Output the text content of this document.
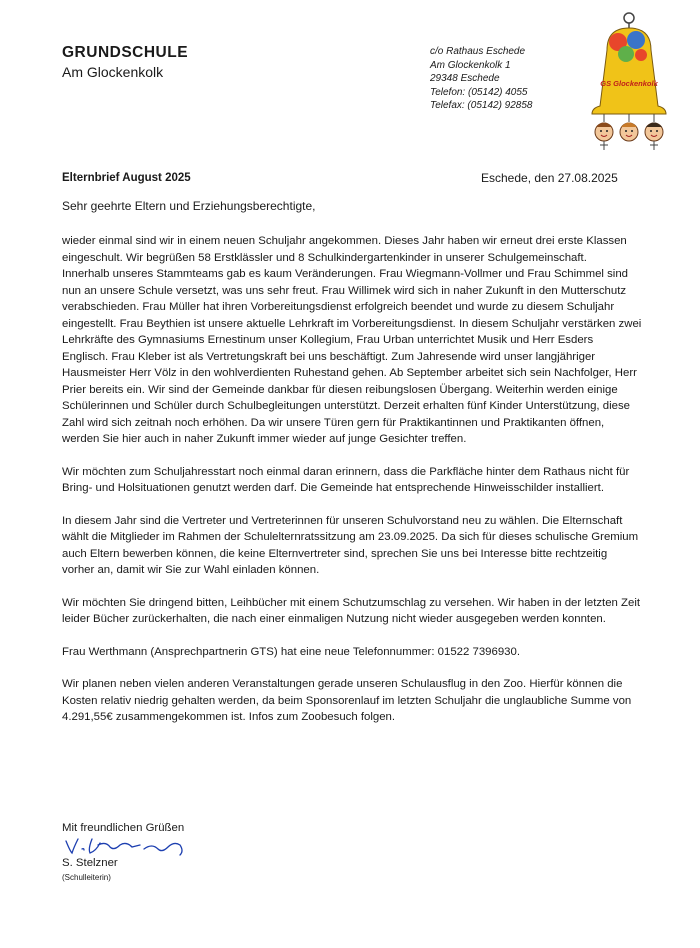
GRUNDSCHULE
Am Glockenkolk
c/o Rathaus Eschede
Am Glockenkolk 1
29348 Eschede
Telefon: (05142) 4055
Telefax: (05142) 92858
GS Glockenkolk
Elternbrief August 2025	Eschede, den 27.08.2025
Sehr geehrte Eltern und Erziehungsberechtigte,

wieder einmal sind wir in einem neuen Schuljahr angekommen. Dieses Jahr haben wir erneut drei erste Klassen eingeschult. Wir begrüßen 58 Erstklässler und 8 Schulkindergartenkinder in unserer Schulgemeinschaft.

Innerhalb unseres Stammteams gab es kaum Veränderungen. Frau Wiegmann-Vollmer und Frau Schimmel sind nun an unsere Schule versetzt, was uns sehr freut. Frau Willimek wird sich in naher Zukunft in den Mutterschutz verabschieden. Frau Müller hat ihren Vorbereitungsdienst erfolgreich beendet und wurde zu diesem Schuljahr eingestellt. Frau Beythien ist unsere aktuelle Lehrkraft im Vorbereitungsdienst. In diesem Schuljahr verstärken zwei Lehrkräfte des Gymnasiums Ernestinum unser Kollegium, Frau Urban unterrichtet Musik und Herr Esders Englisch. Frau Kleber ist als Vertretungskraft bei uns beschäftigt. Zum Jahresende wird unser langjähriger Hausmeister Herr Völz in den wohlverdienten Ruhestand gehen. Ab September arbeitet sich sein Nachfolger, Herr Prier bereits ein. Wir sind der Gemeinde dankbar für diesen reibungslosen Übergang. Weiterhin werden einige Schülerinnen und Schüler durch Schulbegleitungen unterstützt. Derzeit erhalten fünf Kinder Unterstützung, diese Zahl wird sich zeitnah noch erhöhen. Da wir unsere Türen gern für Praktikantinnen und Praktikanten öffnen, werden Sie hier auch in naher Zukunft immer wieder auf junge Gesichter treffen.

Wir möchten zum Schuljahresstart noch einmal daran erinnern, dass die Parkfläche hinter dem Rathaus nicht für Bring- und Holsituationen genutzt werden darf. Die Gemeinde hat entsprechende Hinweisschilder installiert.

In diesem Jahr sind die Vertreter und Vertreterinnen für unseren Schulvorstand neu zu wählen. Die Elternschaft wählt die Mitglieder im Rahmen der Schulelternratssitzung am 23.09.2025. Da sich für dieses schulische Gremium auch Eltern bewerben können, die keine Elternvertreter sind, sprechen Sie uns bei Interesse bitte rechtzeitig vorher an, damit wir Sie zur Wahl einladen können.

Wir möchten Sie dringend bitten, Leihbücher mit einem Schutzumschlag zu versehen. Wir haben in der letzten Zeit leider Bücher zurückerhalten, die nach einer einmaligen Nutzung nicht wieder ausgegeben werden konnten.

Frau Werthmann (Ansprechpartnerin GTS) hat eine neue Telefonnummer: 01522 7396930.

Wir planen neben vielen anderen Veranstaltungen gerade unseren Schulausflug in den Zoo. Hierfür können die Kosten relativ niedrig gehalten werden, da beim Sponsorenlauf im letzten Schuljahr die unglaubliche Summe von 4.291,55€ zusammengekommen ist. Infos zum Zoobesuch folgen.

Mit freundlichen Grüßen
S. Stelzner
(Schulleiterin)
